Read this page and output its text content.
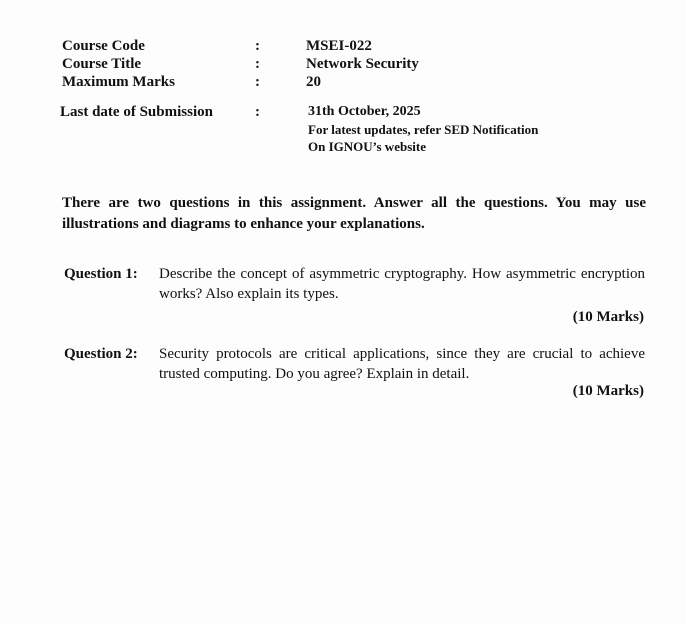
Course Code	:	MSEI-022
Course Title	:	Network Security
Maximum Marks	:	20
Last date of Submission	:	31th October, 2025
For latest updates, refer SED Notification
On IGNOU’s website
There are two questions in this assignment. Answer all the questions. You may use illustrations and diagrams to enhance your explanations.
Question 1: Describe the concept of asymmetric cryptography. How asymmetric encryption works? Also explain its types.
(10 Marks)
Question 2: Security protocols are critical applications, since they are crucial to achieve trusted computing. Do you agree? Explain in detail.
(10 Marks)
